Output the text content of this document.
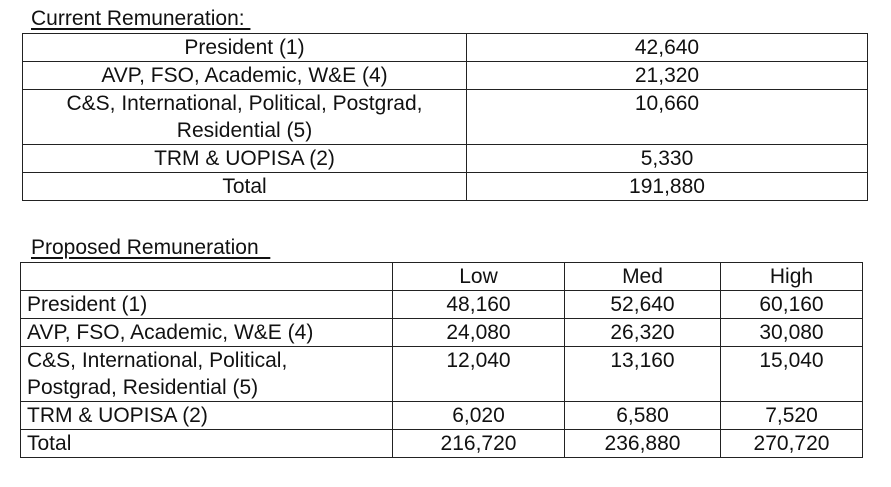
Current Remuneration:
President (1)	42,640
AVP, FSO, Academic, W&E (4)	21,320
C&S, International, Political, Postgrad,
Residential (5)	10,660
TRM & UOPISA (2)	5,330
Total	191,880
Proposed Remuneration
	Low	Med	High
President (1)	48,160	52,640	60,160
AVP, FSO, Academic, W&E (4)	24,080	26,320	30,080
C&S, International, Political,
Postgrad, Residential (5)	12,040	13,160	15,040
TRM & UOPISA (2)	6,020	6,580	7,520
Total	216,720	236,880	270,720
